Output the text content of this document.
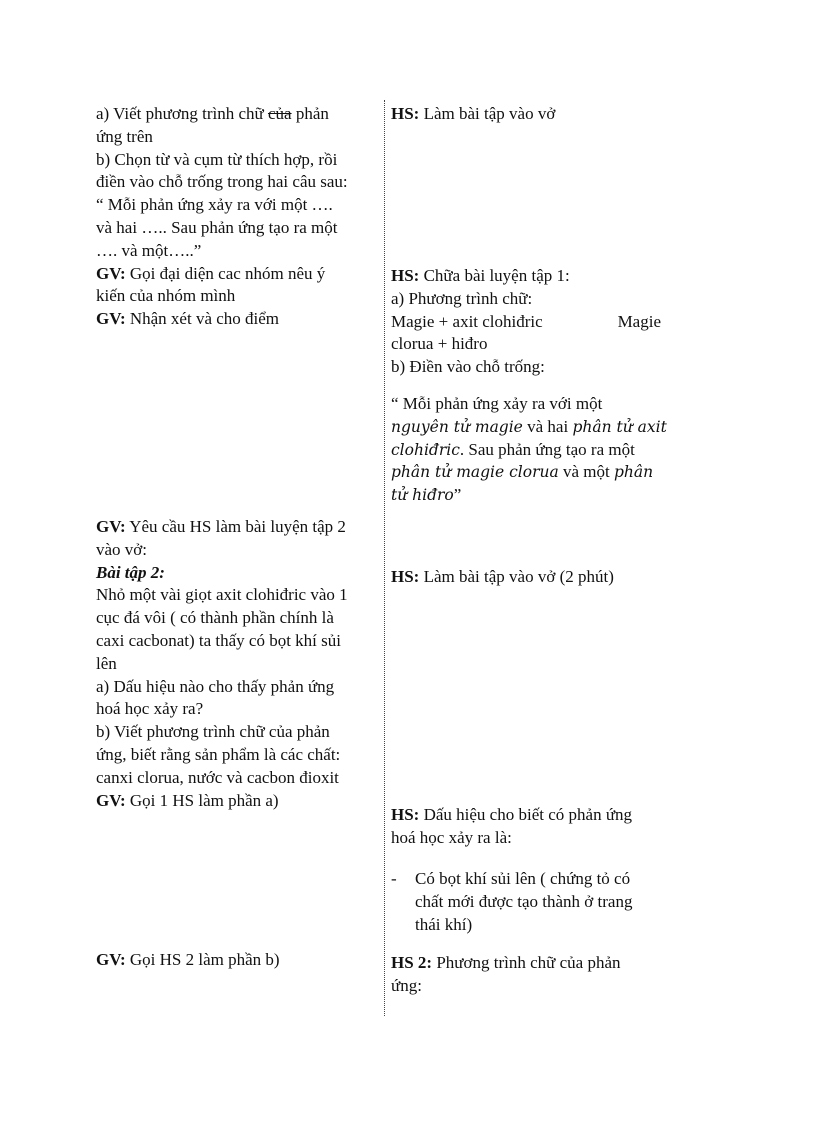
a) Viết phương trình chữ của phản
ứng trên
b) Chọn từ và cụm từ thích hợp, rồi
điền vào chỗ trống trong hai câu sau:
“ Mỗi phản ứng xảy ra với một ….
và hai ….. Sau phản ứng tạo ra một
…. và một…..”
GV: Gọi đại diện cac nhóm nêu ý
kiến của nhóm mình
GV: Nhận xét và cho điểm
GV: Yêu cầu HS làm bài luyện tập 2
vào vở:
Bài tập 2:
Nhỏ một vài giọt axit clohiđric vào 1
cục đá vôi ( có thành phần chính là
caxi cacbonat) ta thấy có bọt khí sủi
lên
a) Dấu hiệu nào cho thấy phản ứng
hoá học xảy ra?
b) Viết phương trình chữ của phản
ứng, biết rằng sản phẩm là các chất:
canxi clorua, nước và cacbon đioxit
GV: Gọi 1 HS làm phần a)
GV: Gọi HS 2 làm phần b)
HS: Làm bài tập vào vở
HS: Chữa bài luyện tập 1:
a) Phương trình chữ:
Magie + axit clohiđric	Magie
clorua + hiđro
b) Điền vào chỗ trống:
“ Mỗi phản ứng xảy ra với một
nguyên tử magie và hai phân tử axit
clohiđric. Sau phản ứng tạo ra một
phân tử magie clorua và một phân
tử hiđro”
HS: Làm bài tập vào vở (2 phút)
HS: Dấu hiệu cho biết có phản ứng
hoá học xảy ra là:
- Có bọt khí sủi lên ( chứng tỏ có
chất mới được tạo thành ở trang
thái khí)
HS 2: Phương trình chữ của phản
ứng:
